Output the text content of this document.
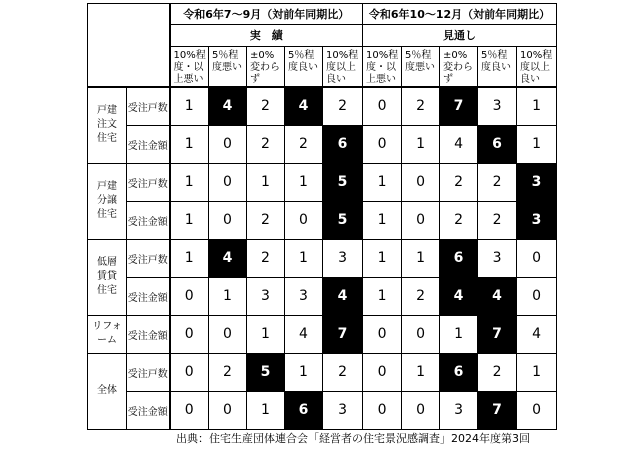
		令和6年7～9月（対前年同期比）					令和6年10～12月（対前年同期比）				
		実　績					見通し				
		10%程度・以上悪い	5％程度悪い	±0%変わらず	5％程度良い	10%程度以上良い	10%程度・以上悪い	5％程度悪い	±0%変わらず	5％程度良い	10%程度以上良い
戸建
注文
住宅	受注戸数	1	4	2	4	2	0	2	7	3	1
	受注金額	1	0	2	2	6	0	1	4	6	1
戸建
分譲
住宅	受注戸数	1	0	1	1	5	1	0	2	2	3
	受注金額	1	0	2	0	5	1	0	2	2	3
低層
賃貸
住宅	受注戸数	1	4	2	1	3	1	1	6	3	0
	受注金額	0	1	3	3	4	1	2	4	4	0
リフォ
ーム	受注金額	0	0	1	4	7	0	0	1	7	4
全体	受注戸数	0	2	5	1	2	0	1	6	2	1
	受注金額	0	0	1	6	3	0	0	3	7	0
出典：住宅生産団体連合会「経営者の住宅景況感調査」2024年度第3回
